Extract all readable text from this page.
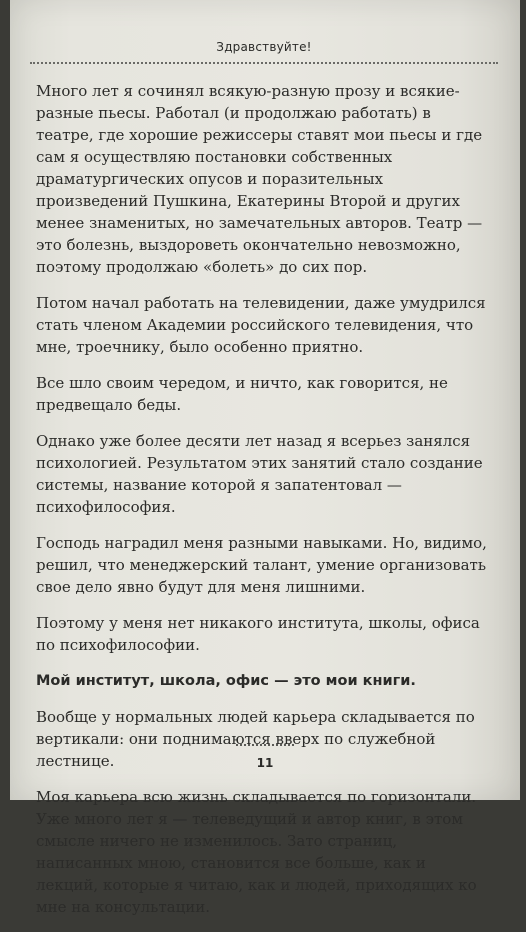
Здравствуйте!

Много лет я сочинял всякую-разную прозу и всякие-разные пьесы. Работал (и продолжаю работать) в театре, где хорошие режиссеры ставят мои пьесы и где сам я осуществляю постановки собственных драматургических опусов и поразительных произведений Пушкина, Екатерины Второй и других менее знаменитых, но замечательных авторов. Театр — это болезнь, выздороветь окончательно невозможно, поэтому продолжаю «болеть» до сих пор.

Потом начал работать на телевидении, даже умудрился стать членом Академии российского телевидения, что мне, троечнику, было особенно приятно.

Все шло своим чередом, и ничто, как говорится, не предвещало беды.

Однако уже более десяти лет назад я всерьез занялся психологией. Результатом этих занятий стало создание системы, название которой я запатентовал — психофилософия.

Господь наградил меня разными навыками. Но, видимо, решил, что менеджерский талант, умение организовать свое дело явно будут для меня лишними.

Поэтому у меня нет никакого института, школы, офиса по психофилософии.

Мой институт, школа, офис — это мои книги.

Вообще у нормальных людей карьера складывается по вертикали: они поднимаются вверх по служебной лестнице.

Моя карьера всю жизнь складывается по горизонтали. Уже много лет я — телеведущий и автор книг, в этом смысле ничего не изменилось. Зато страниц, написанных мною, становится все больше, как и лекций, которые я читаю, как и людей, приходящих ко мне на консультации.

11
